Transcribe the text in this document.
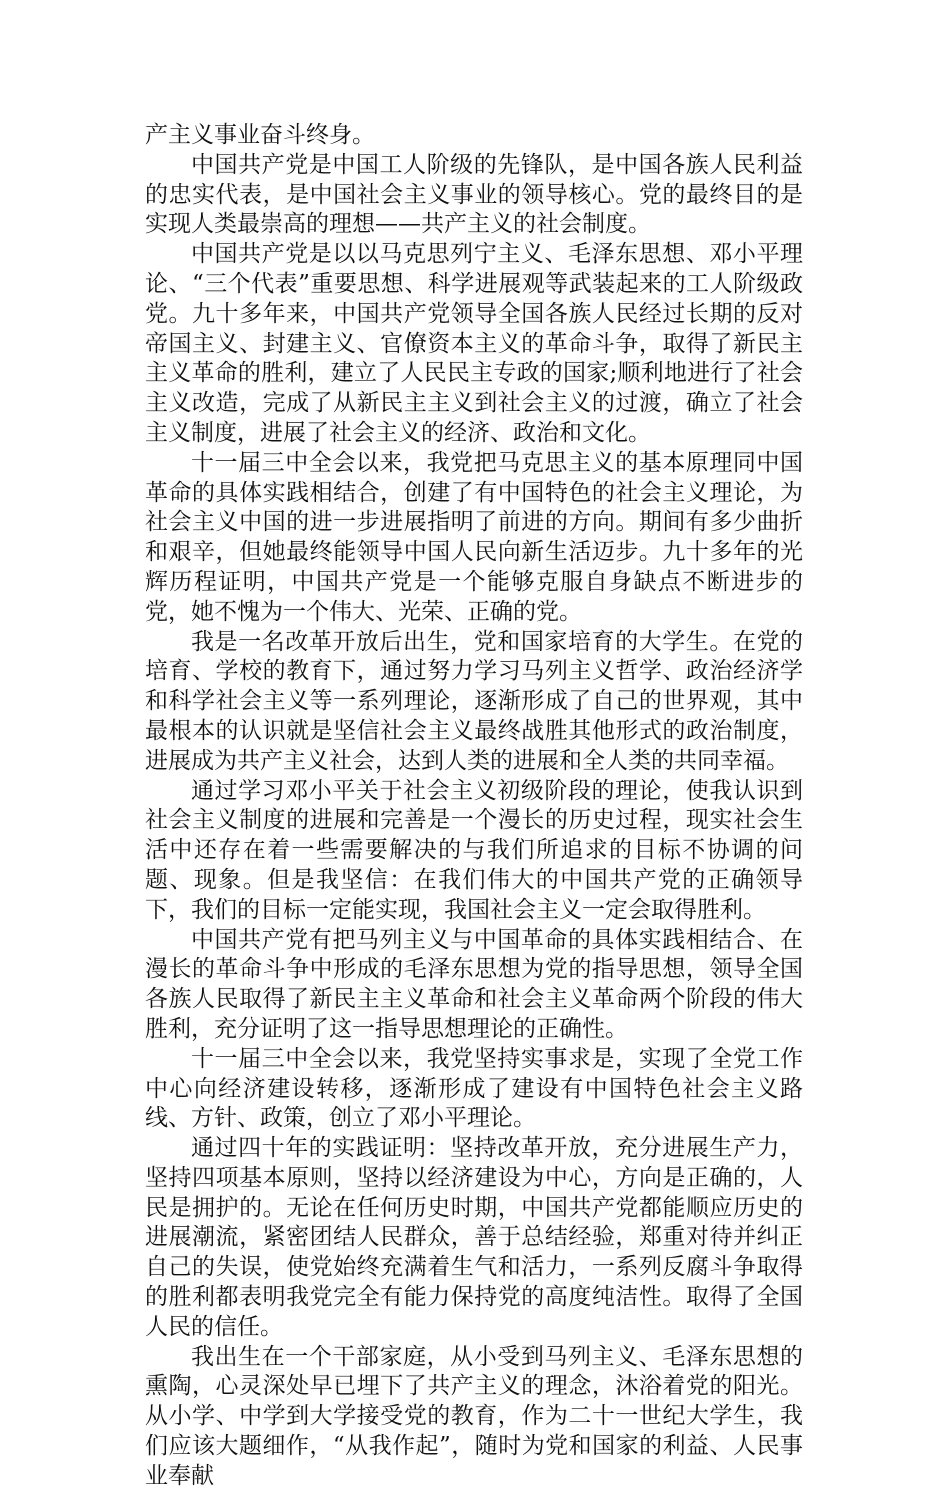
产主义事业奋斗终身。

中国共产党是中国工人阶级的先锋队，是中国各族人民利益的忠实代表，是中国社会主义事业的领导核心。党的最终目的是实现人类最崇高的理想——共产主义的社会制度。

中国共产党是以以马克思列宁主义、毛泽东思想、邓小平理论、“三个代表”重要思想、科学进展观等武装起来的工人阶级政党。九十多年来，中国共产党领导全国各族人民经过长期的反对帝国主义、封建主义、官僚资本主义的革命斗争，取得了新民主主义革命的胜利，建立了人民民主专政的国家;顺利地进行了社会主义改造，完成了从新民主主义到社会主义的过渡，确立了社会主义制度，进展了社会主义的经济、政治和文化。

十一届三中全会以来，我党把马克思主义的基本原理同中国革命的具体实践相结合，创建了有中国特色的社会主义理论，为社会主义中国的进一步进展指明了前进的方向。期间有多少曲折和艰辛，但她最终能领导中国人民向新生活迈步。九十多年的光辉历程证明，中国共产党是一个能够克服自身缺点不断进步的党，她不愧为一个伟大、光荣、正确的党。

我是一名改革开放后出生，党和国家培育的大学生。在党的培育、学校的教育下，通过努力学习马列主义哲学、政治经济学和科学社会主义等一系列理论，逐渐形成了自己的世界观，其中最根本的认识就是坚信社会主义最终战胜其他形式的政治制度，进展成为共产主义社会，达到人类的进展和全人类的共同幸福。

通过学习邓小平关于社会主义初级阶段的理论，使我认识到社会主义制度的进展和完善是一个漫长的历史过程，现实社会生活中还存在着一些需要解决的与我们所追求的目标不协调的问题、现象。但是我坚信：在我们伟大的中国共产党的正确领导下，我们的目标一定能实现，我国社会主义一定会取得胜利。

中国共产党有把马列主义与中国革命的具体实践相结合、在漫长的革命斗争中形成的毛泽东思想为党的指导思想，领导全国各族人民取得了新民主主义革命和社会主义革命两个阶段的伟大胜利，充分证明了这一指导思想理论的正确性。

十一届三中全会以来，我党坚持实事求是，实现了全党工作中心向经济建设转移，逐渐形成了建设有中国特色社会主义路线、方针、政策，创立了邓小平理论。

通过四十年的实践证明：坚持改革开放，充分进展生产力，坚持四项基本原则，坚持以经济建设为中心，方向是正确的，人民是拥护的。无论在任何历史时期，中国共产党都能顺应历史的进展潮流，紧密团结人民群众，善于总结经验，郑重对待并纠正自己的失误，使党始终充满着生气和活力，一系列反腐斗争取得的胜利都表明我党完全有能力保持党的高度纯洁性。取得了全国人民的信任。

我出生在一个干部家庭，从小受到马列主义、毛泽东思想的熏陶，心灵深处早已埋下了共产主义的理念，沐浴着党的阳光。从小学、中学到大学接受党的教育，作为二十一世纪大学生，我们应该大题细作，“从我作起”，随时为党和国家的利益、人民事业奉献
